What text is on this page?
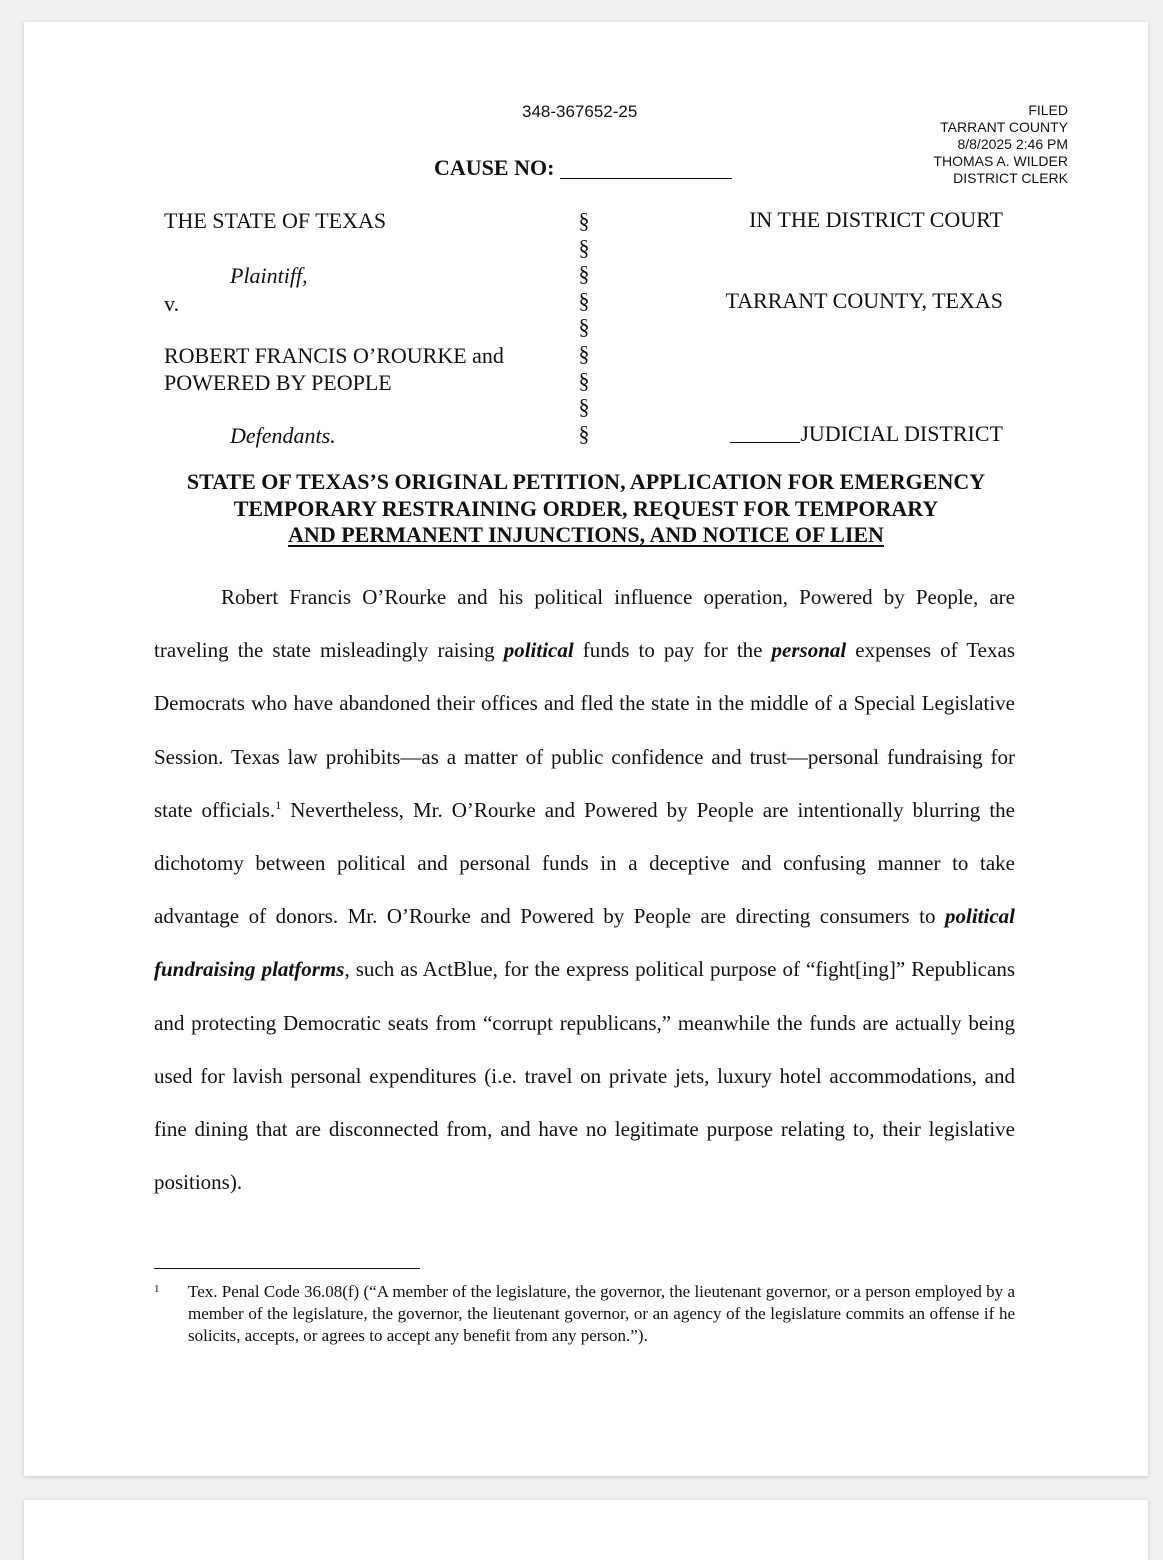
348-367652-25	FILED
TARRANT COUNTY
8/8/2025 2:46 PM
THOMAS A. WILDER
DISTRICT CLERK
CAUSE NO:
THE STATE OF TEXAS
Plaintiff,
v.
ROBERT FRANCIS O’ROURKE and
POWERED BY PEOPLE
Defendants.
§
§
§
§
§
§
§
§
§
IN THE DISTRICT COURT
TARRANT COUNTY, TEXAS
JUDICIAL DISTRICT
STATE OF TEXAS’S ORIGINAL PETITION, APPLICATION FOR EMERGENCY
TEMPORARY RESTRAINING ORDER, REQUEST FOR TEMPORARY
AND PERMANENT INJUNCTIONS, AND NOTICE OF LIEN

Robert Francis O’Rourke and his political influence operation, Powered by People, are traveling the state misleadingly raising political funds to pay for the personal expenses of Texas Democrats who have abandoned their offices and fled the state in the middle of a Special Legislative Session. Texas law prohibits—as a matter of public confidence and trust—personal fundraising for state officials.$^1$ Nevertheless, Mr. O’Rourke and Powered by People are intentionally blurring the dichotomy between political and personal funds in a deceptive and confusing manner to take advantage of donors. Mr. O’Rourke and Powered by People are directing consumers to political fundraising platforms, such as ActBlue, for the express political purpose of “fight[ing]” Republicans and protecting Democratic seats from “corrupt republicans,” meanwhile the funds are actually being used for lavish personal expenditures (i.e. travel on private jets, luxury hotel accommodations, and fine dining that are disconnected from, and have no legitimate purpose relating to, their legislative positions).

1 Tex. Penal Code 36.08(f) (“A member of the legislature, the governor, the lieutenant governor, or a person employed by a member of the legislature, the governor, the lieutenant governor, or an agency of the legislature commits an offense if he solicits, accepts, or agrees to accept any benefit from any person.”).
